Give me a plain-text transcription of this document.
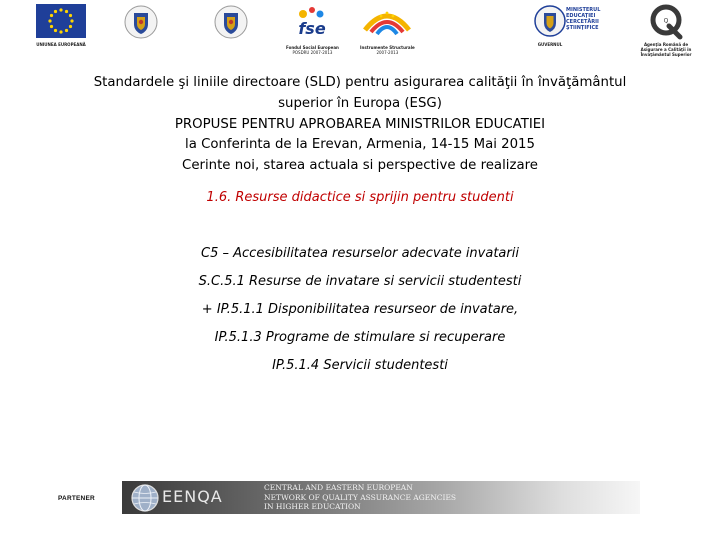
UNIUNEA EUROPEANĂ
fse
Fondul Social European
POSDRU 2007-2013
Instrumente Structurale
2007-2013
GUVERNUL
MINISTERUL
EDUCAŢIEI
CERCETĂRII
ŞTIINŢIFICE
Q
Agenţia Română de
Asigurare a Calităţii în
Învăţământul Superior
Standardele şi liniile directoare (SLD) pentru asigurarea calităţii în învăţământul
superior în Europa (ESG)
PROPUSE PENTRU APROBAREA MINISTRILOR EDUCATIEI
la Conferinta de la Erevan, Armenia, 14-15 Mai 2015
Cerinte noi, starea actuala si perspective de realizare
1.6. Resurse didactice si sprijin pentru studenti
C5 – Accesibilitatea resurselor adecvate invatarii
S.C.5.1 Resurse de invatare si servicii studentesti
+ IP.5.1.1 Disponibilitatea resurseor de invatare,
IP.5.1.3 Programe de stimulare si recuperare
IP.5.1.4 Servicii studentesti
PARTENER	EENQA	CENTRAL AND EASTERN EUROPEAN
NETWORK OF QUALITY ASSURANCE AGENCIES
IN HIGHER EDUCATION
